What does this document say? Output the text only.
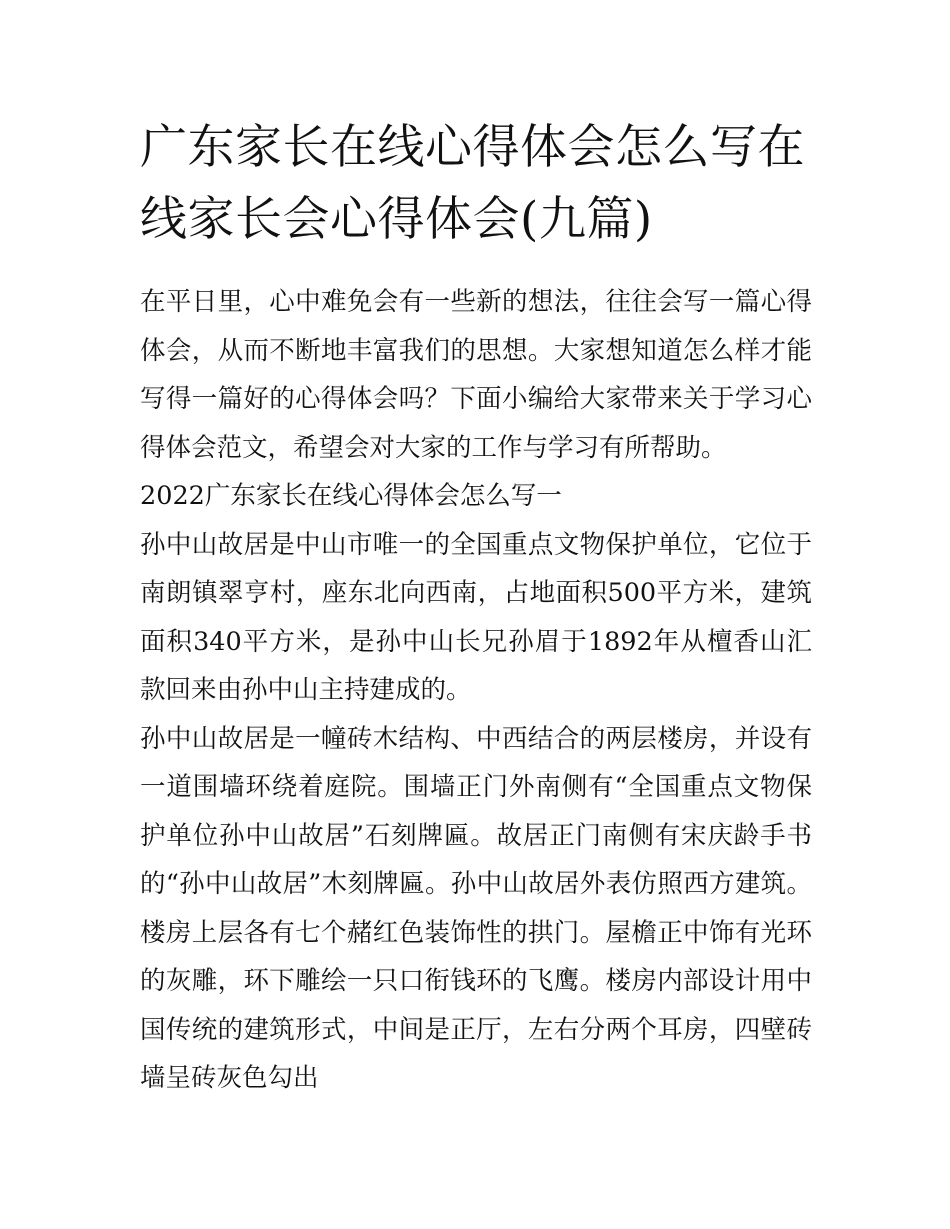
广东家长在线心得体会怎么写在线家长会心得体会(九篇)

在平日里，心中难免会有一些新的想法，往往会写一篇心得体会，从而不断地丰富我们的思想。大家想知道怎么样才能写得一篇好的心得体会吗？下面小编给大家带来关于学习心得体会范文，希望会对大家的工作与学习有所帮助。

2022广东家长在线心得体会怎么写一

孙中山故居是中山市唯一的全国重点文物保护单位，它位于南朗镇翠亨村，座东北向西南，占地面积500平方米，建筑面积340平方米，是孙中山长兄孙眉于1892年从檀香山汇款回来由孙中山主持建成的。

孙中山故居是一幢砖木结构、中西结合的两层楼房，并设有一道围墙环绕着庭院。围墙正门外南侧有“全国重点文物保护单位孙中山故居”石刻牌匾。故居正门南侧有宋庆龄手书的“孙中山故居”木刻牌匾。孙中山故居外表仿照西方建筑。楼房上层各有七个赭红色装饰性的拱门。屋檐正中饰有光环的灰雕，环下雕绘一只口衔钱环的飞鹰。楼房内部设计用中国传统的建筑形式，中间是正厅，左右分两个耳房，四壁砖墙呈砖灰色勾出
